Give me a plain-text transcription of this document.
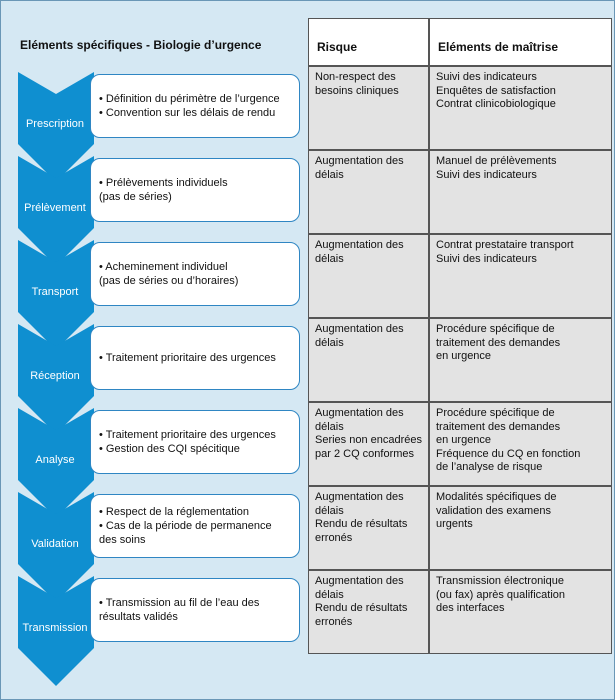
Eléments spécifiques - Biologie d’urgence	Risque	Eléments de maîtrise
Prescription
• Définition du périmètre de l’urgence
• Convention sur les délais de rendu
Non-respect des
besoins cliniques
Suivi des indicateurs
Enquêtes de satisfaction
Contrat clinicobiologique
Prélèvement
• Prélèvements individuels
(pas de séries)
Augmentation des
délais
Manuel de prélèvements
Suivi des indicateurs
Transport
• Acheminement individuel
(pas de séries ou d’horaires)
Augmentation des
délais
Contrat prestataire transport
Suivi des indicateurs
Réception
• Traitement prioritaire des urgences
Augmentation des
délais
Procédure spécifique de
traitement des demandes
en urgence
Analyse
• Traitement prioritaire des urgences
• Gestion des CQI spécitique
Augmentation des
délais
Series non encadrées
par 2 CQ conformes
Procédure spécifique de
traitement des demandes
en urgence
Fréquence du CQ en fonction
de l’analyse de risque
Validation
• Respect de la réglementation
• Cas de la période de permanence
des soins
Augmentation des
délais
Rendu de résultats
erronés
Modalités spécifiques de
validation des examens
urgents
Transmission
• Transmission au fil de l’eau des
résultats validés
Augmentation des
délais
Rendu de résultats
erronés
Transmission électronique
(ou fax) après qualification
des interfaces
